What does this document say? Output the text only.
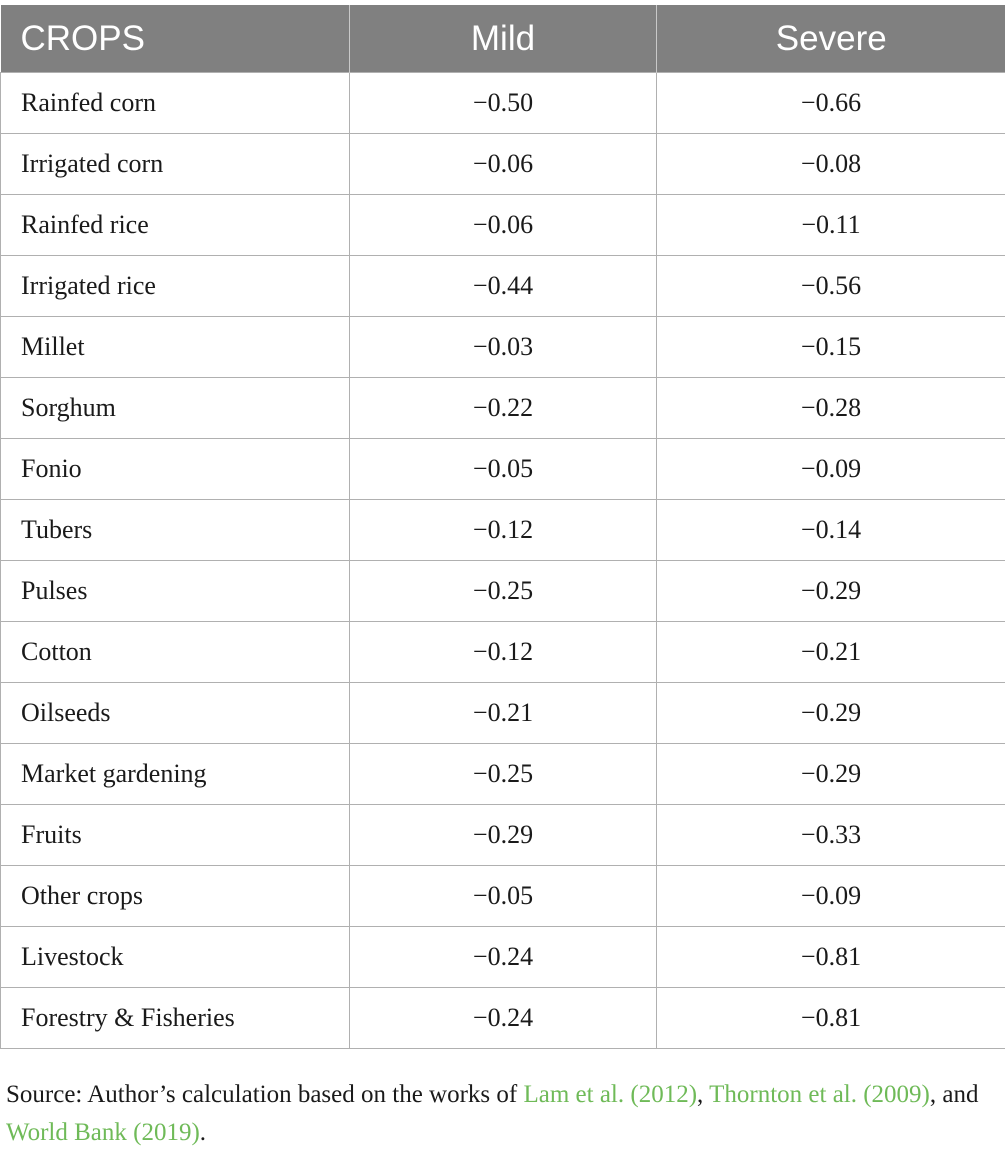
CROPS	Mild	Severe
Rainfed corn	−0.50	−0.66
Irrigated corn	−0.06	−0.08
Rainfed rice	−0.06	−0.11
Irrigated rice	−0.44	−0.56
Millet	−0.03	−0.15
Sorghum	−0.22	−0.28
Fonio	−0.05	−0.09
Tubers	−0.12	−0.14
Pulses	−0.25	−0.29
Cotton	−0.12	−0.21
Oilseeds	−0.21	−0.29
Market gardening	−0.25	−0.29
Fruits	−0.29	−0.33
Other crops	−0.05	−0.09
Livestock	−0.24	−0.81
Forestry & Fisheries	−0.24	−0.81
Source: Author’s calculation based on the works of Lam et al. (2012), Thornton et al. (2009), and World Bank (2019).
